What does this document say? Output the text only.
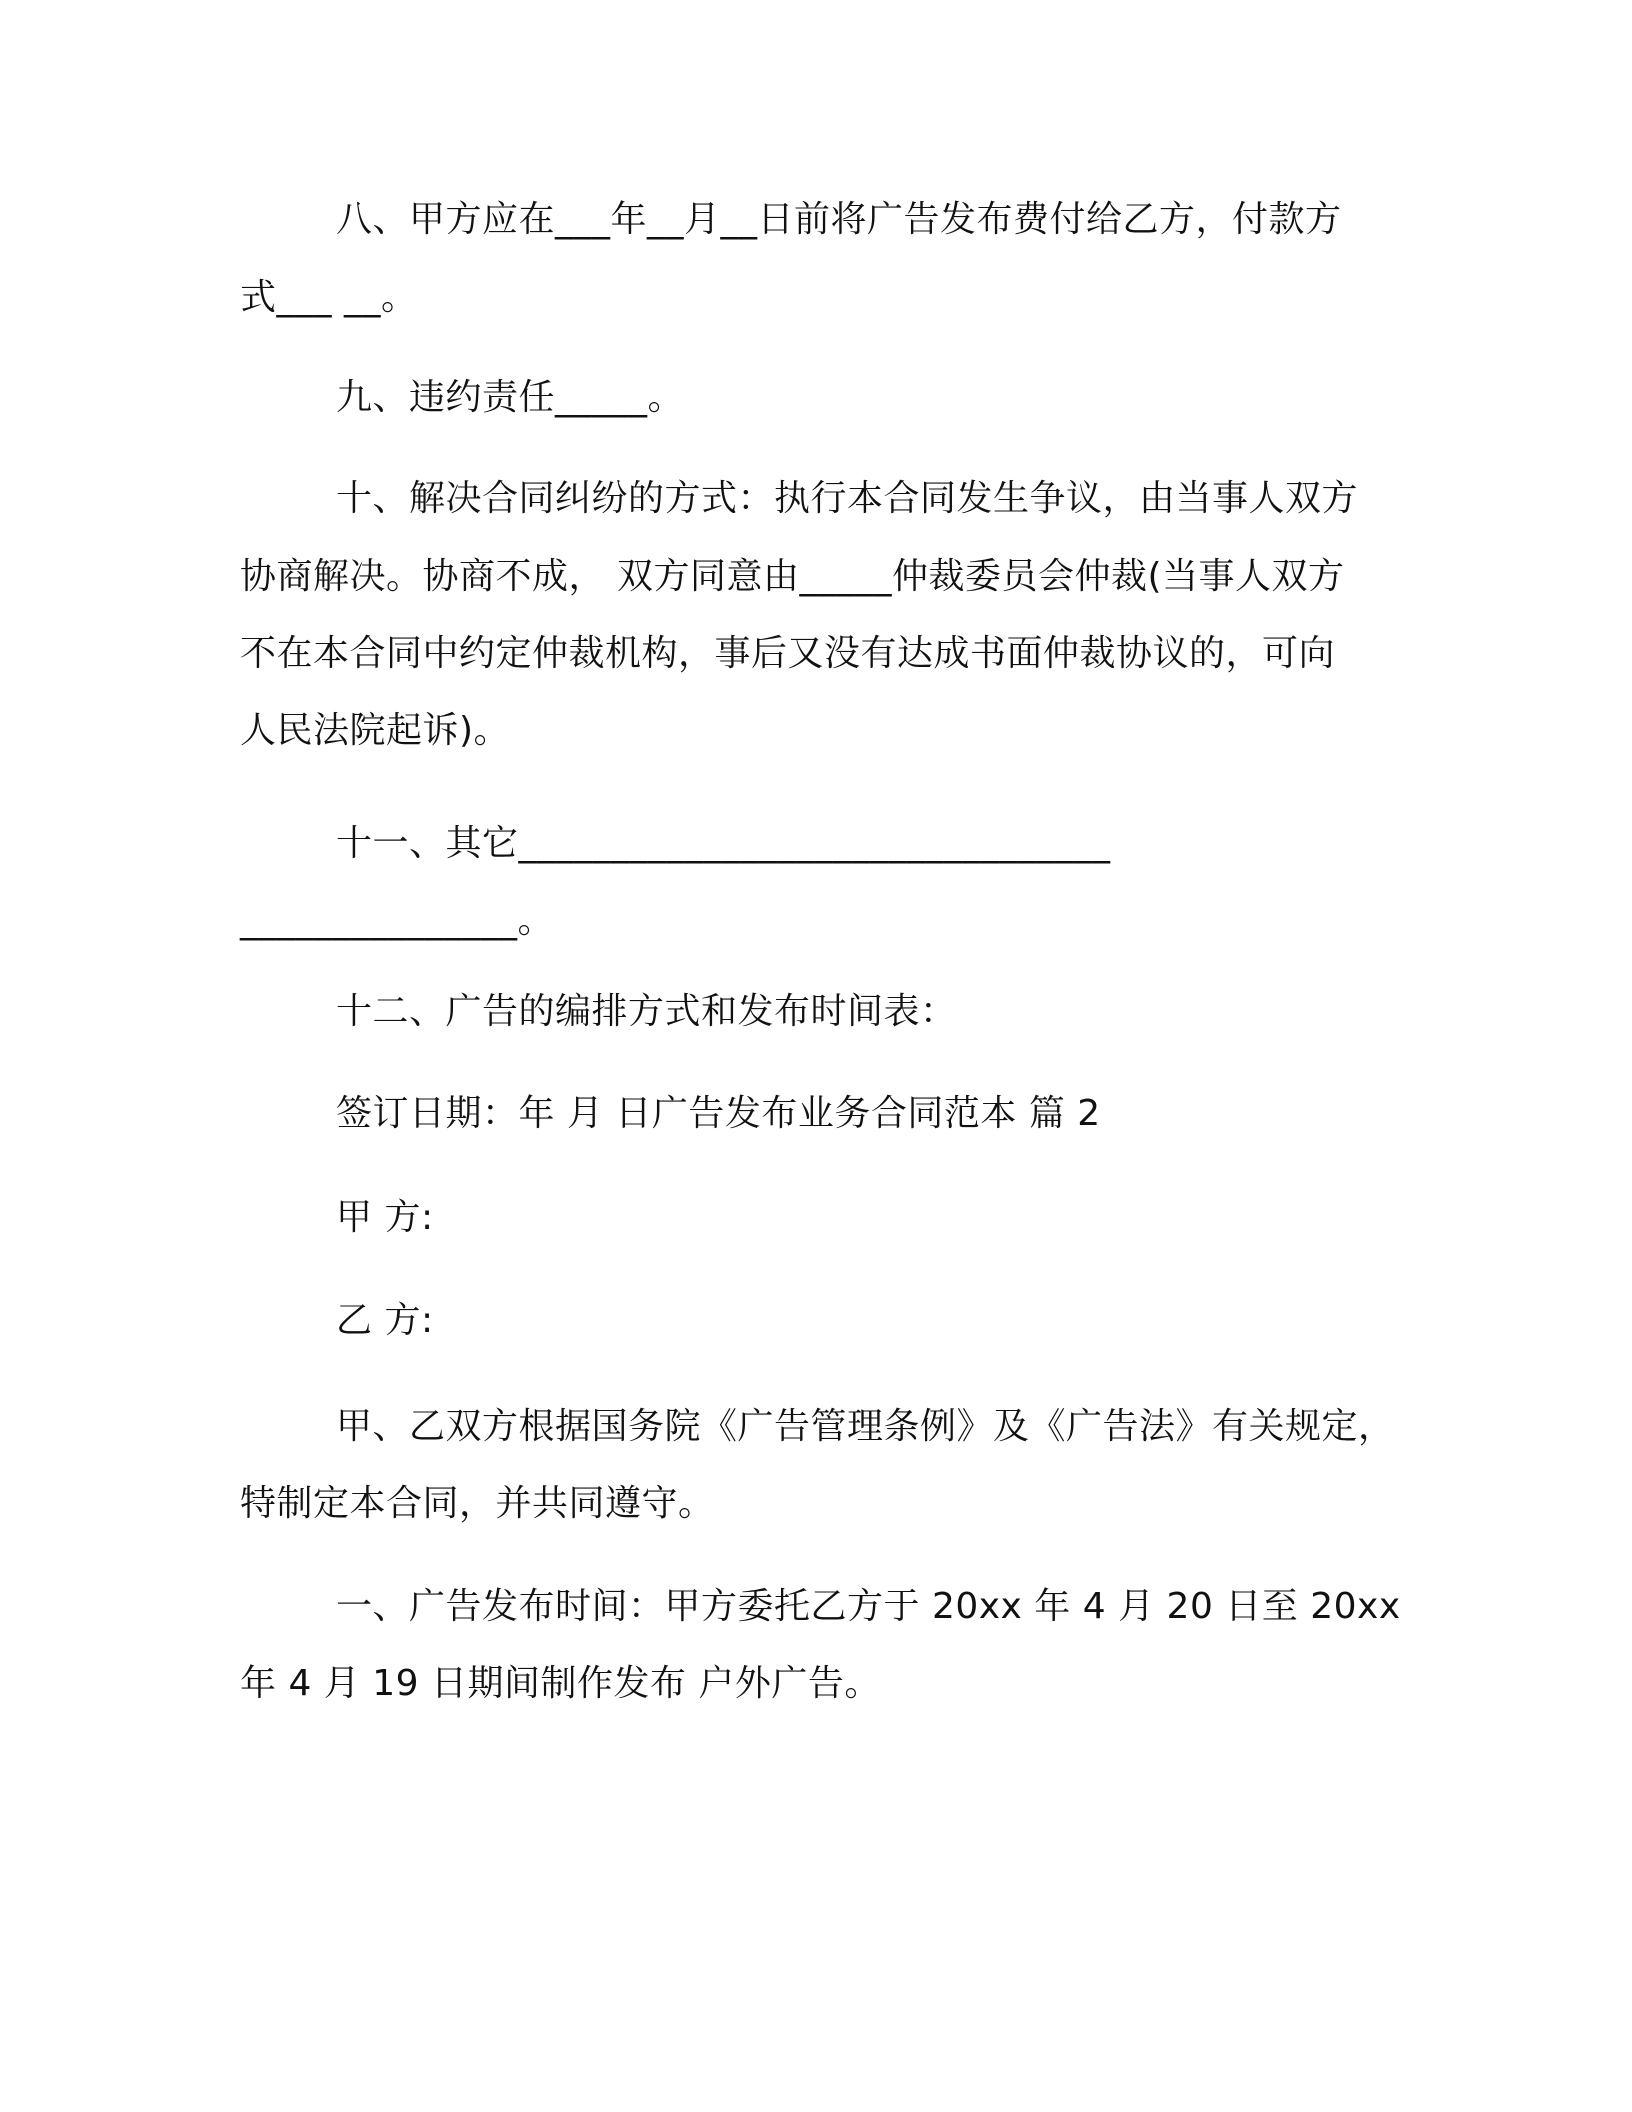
八、甲方应在___年__月__日前将广告发布费付给乙方，付款方
式___ __。
九、违约责任_____。
十、解决合同纠纷的方式：执行本合同发生争议，由当事人双方
协商解决。协商不成， 双方同意由_____仲裁委员会仲裁(当事人双方
不在本合同中约定仲裁机构，事后又没有达成书面仲裁协议的，可向
人民法院起诉)。
十一、其它________________________________
_______________。
十二、广告的编排方式和发布时间表：
签订日期：年 月 日广告发布业务合同范本 篇 2
甲 方:
乙 方:
甲、乙双方根据国务院《广告管理条例》及《广告法》有关规定，
特制定本合同，并共同遵守。
一、广告发布时间：甲方委托乙方于 20xx 年 4 月 20 日至 20xx
年 4 月 19 日期间制作发布 户外广告。
